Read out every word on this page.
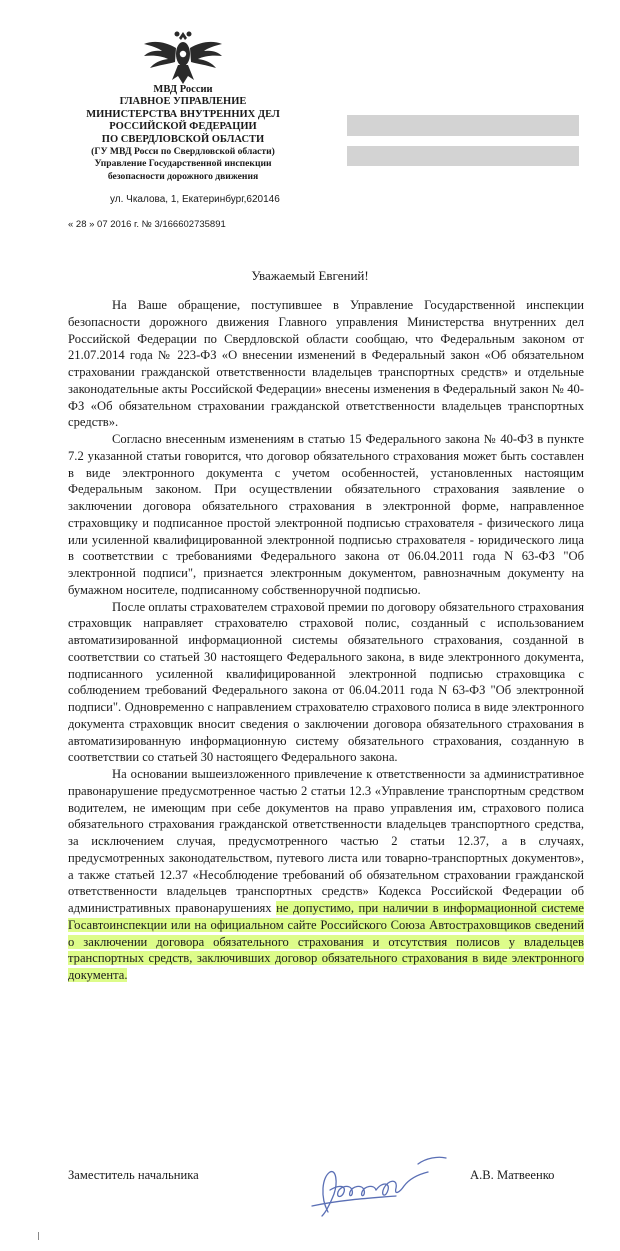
МВД России
ГЛАВНОЕ УПРАВЛЕНИЕ
МИНИСТЕРСТВА ВНУТРЕННИХ ДЕЛ
РОССИЙСКОЙ ФЕДЕРАЦИИ
ПО СВЕРДЛОВСКОЙ ОБЛАСТИ
(ГУ МВД Росси по Свердловской области)
Управление Государственной инспекции
безопасности дорожного движения
ул. Чкалова, 1, Екатеринбург,620146
« 28 » 07 2016 г. № 3/166602735891
Уважаемый Евгений!

На Ваше обращение, поступившее в Управление Государственной инспекции безопасности дорожного движения Главного управления Министерства внутренних дел Российской Федерации по Свердловской области сообщаю, что Федеральным законом от 21.07.2014 года № 223-ФЗ «О внесении изменений в Федеральный закон «Об обязательном страховании гражданской ответственности владельцев транспортных средств» и отдельные законодательные акты Российской Федерации» внесены изменения в Федеральный закон № 40-ФЗ «Об обязательном страховании гражданской ответственности владельцев транспортных средств».

Согласно внесенным изменениям в статью 15 Федерального закона № 40-ФЗ в пункте 7.2 указанной статьи говорится, что договор обязательного страхования может быть составлен в виде электронного документа с учетом особенностей, установленных настоящим Федеральным законом. При осуществлении обязательного страхования заявление о заключении договора обязательного страхования в электронной форме, направленное страховщику и подписанное простой электронной подписью страхователя - физического лица или усиленной квалифицированной электронной подписью страхователя - юридического лица в соответствии с требованиями Федерального закона от 06.04.2011 года N 63-ФЗ "Об электронной подписи", признается электронным документом, равнозначным документу на бумажном носителе, подписанному собственноручной подписью.

После оплаты страхователем страховой премии по договору обязательного страхования страховщик направляет страхователю страховой полис, созданный с использованием автоматизированной информационной системы обязательного страхования, созданной в соответствии со статьей 30 настоящего Федерального закона, в виде электронного документа, подписанного усиленной квалифицированной электронной подписью страховщика с соблюдением требований Федерального закона от 06.04.2011 года N 63-ФЗ "Об электронной подписи". Одновременно с направлением страхователю страхового полиса в виде электронного документа страховщик вносит сведения о заключении договора обязательного страхования в автоматизированную информационную систему обязательного страхования, созданную в соответствии со статьей 30 настоящего Федерального закона.

На основании вышеизложенного привлечение к ответственности за административное правонарушение предусмотренное частью 2 статьи 12.3 «Управление транспортным средством водителем, не имеющим при себе документов на право управления им, страхового полиса обязательного страхования гражданской ответственности владельцев транспортного средства, за исключением случая, предусмотренного частью 2 статьи 12.37, а в случаях, предусмотренных законодательством, путевого листа или товарно-транспортных документов», а также статьей 12.37 «Несоблюдение требований об обязательном страховании гражданской ответственности владельцев транспортных средств» Кодекса Российской Федерации об административных правонарушениях не допустимо, при наличии в информационной системе Госавтоинспекции или на официальном сайте Российского Союза Автостраховщиков сведений о заключении договора обязательного страхования и отсутствия полисов у владельцев транспортных средств, заключивших договор обязательного страхования в виде электронного документа.

Заместитель начальника	А.В. Матвеенко
